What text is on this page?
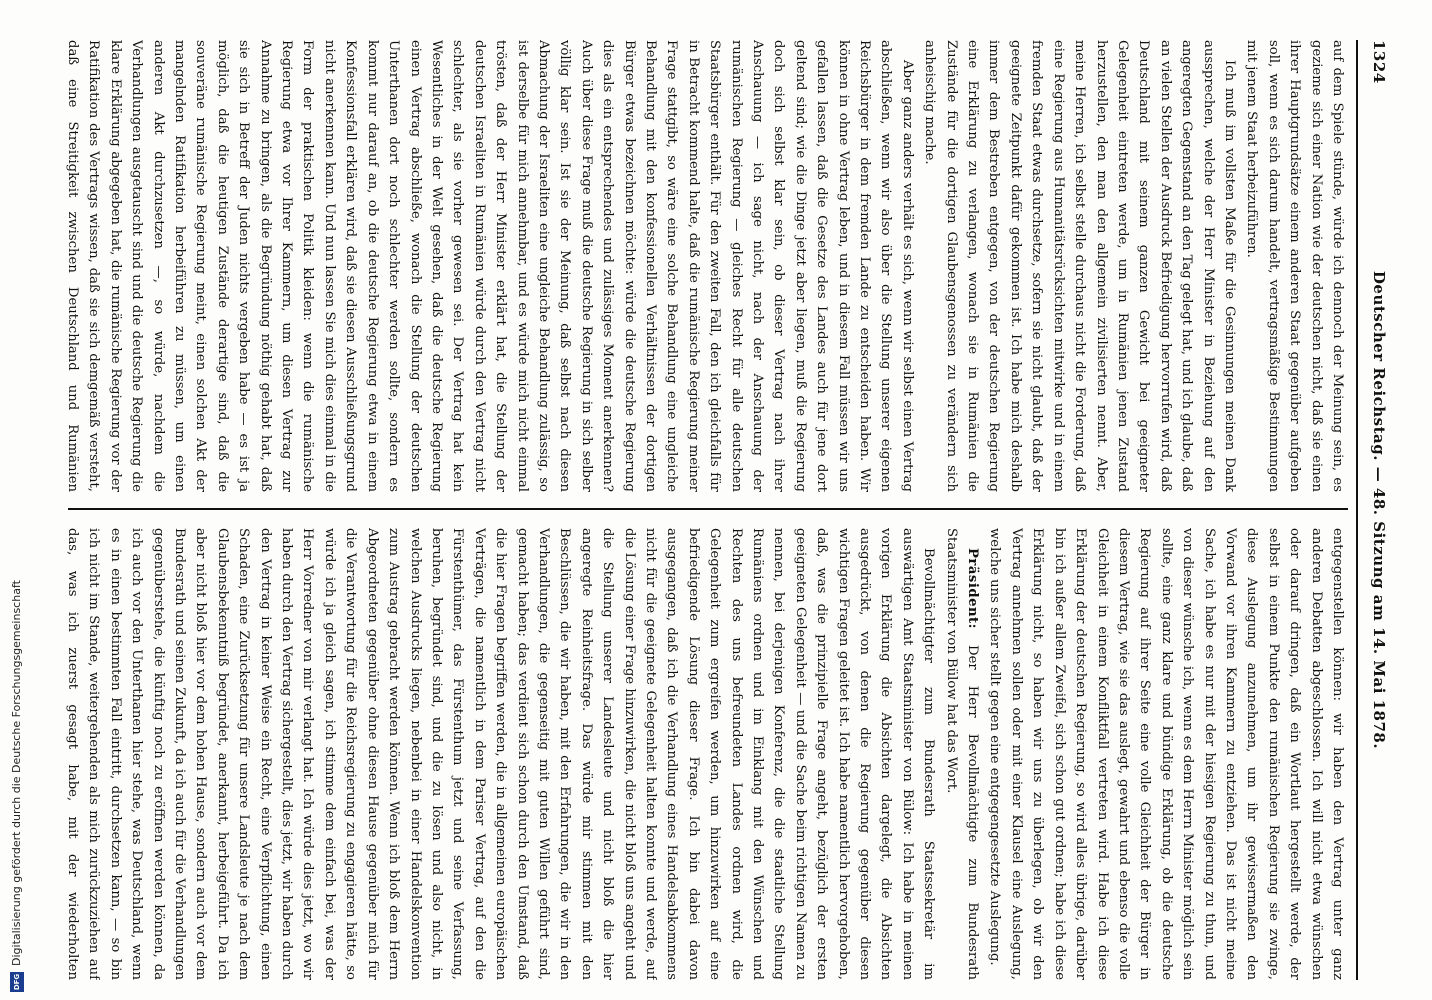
1324
Deutscher Reichstag. — 48. Sitzung am 14. Mai 1878.

auf dem Spiele stünde, würde ich dennoch der Meinung sein, es gezieme sich einer Nation wie der deutschen nicht, daß sie einen ihrer Hauptgrundsätze einem anderen Staat gegenüber aufgeben soll, wenn es sich darum handelt, vertragsmäßige Bestimmungen mit jenem Staat herbeizuführen.

Ich muß im vollsten Maße für die Gesinnungen meinen Dank aussprechen, welche der Herr Minister in Beziehung auf den angeregten Gegenstand an den Tag gelegt hat, und ich glaube, daß an vielen Stellen der Ausdruck Befriedigung hervorrufen wird, daß Deutschland mit seinem ganzen Gewicht bei geeigneter Gelegenheit eintreten werde, um in Rumänien jenen Zustand herzustellen, den man den allgemein zivilisierten nennt. Aber, meine Herren, ich selbst stelle durchaus nicht die Forderung, daß eine Regierung aus Humanitätsrücksichten mitwirke und in einem fremden Staat etwas durchsetze, sofern sie nicht glaubt, daß der geeignete Zeitpunkt dafür gekommen ist. Ich habe mich deshalb immer dem Bestreben entgegen, von der deutschen Regierung eine Erklärung zu verlangen, wonach sie in Rumänien die Zustände für die dortigen Glaubensgenossen zu verändern sich anheischig mache.

Aber ganz anders verhält es sich, wenn wir selbst einen Vertrag abschließen, wenn wir also über die Stellung unserer eigenen Reichsbürger in dem fremden Lande zu entscheiden haben. Wir können in ohne Vertrag leben, und in diesem Fall müssen wir uns gefallen lassen, daß die Gesetze des Landes auch für jene dort geltend sind; wie die Dinge jetzt aber liegen, muß die Regierung doch sich selbst klar sein, ob dieser Vertrag nach ihrer Anschauung — ich sage nicht, nach der Anschauung der rumänischen Regierung — gleiches Recht für alle deutschen Staatsbürger enthält. Für den zweiten Fall, den ich gleichfalls für in Betracht kommend halte, daß die rumänische Regierung meiner Frage stattgibt, so wäre eine solche Behandlung eine ungleiche Behandlung mit den konfessionellen Verhältnissen der dortigen Bürger etwas bezeichnen möchte: würde die deutsche Regierung dies als ein entsprechendes und zulässiges Moment anerkennen? Auch über diese Frage muß die deutsche Regierung in sich selber völlig klar sein. Ist sie der Meinung, daß selbst nach diesen Abmachung der Israeliten eine ungleiche Behandlung zulässig, so ist derselbe für mich annehmbar, und es würde mich nicht einmal trösten, daß der Herr Minister erklärt hat, die Stellung der deutschen Israeliten in Rumänien würde durch den Vertrag nicht schlechter, als sie vorher gewesen sei. Der Vertrag hat kein Wesentliches in der Welt gesehen, daß die deutsche Regierung einen Vertrag abschließe, wonach die Stellung der deutschen Unterthanen dort noch schlechter werden sollte, sondern es kommt nur darauf an, ob die deutsche Regierung etwa in einem Konfessionsfall erklären wird, daß sie diesen Ausschließungsgrund nicht anerkennen kann. Und nun lassen Sie mich dies einmal in die Form der praktischen Politik kleiden: wenn die rumänische Regierung etwa vor Ihrer Kammern, um diesen Vertrag zur Annahme zu bringen, als die Begründung nöthig gehabt hat, daß sie sich in Betreff der Juden nichts vergeben habe — es ist ja möglich, daß die heutigen Zustände derartige sind, daß die souveräne rumänische Regierung meint, einen solchen Akt der mangelnden Ratifikation herbeiführen zu müssen, um einen anderen Akt durchzusetzen —, so würde, nachdem die Verhandlungen ausgetauscht sind und die deutsche Regierung die klare Erklärung abgegeben hat, die rumänische Regierung vor der Ratifikation des Vertrags wissen, daß sie sich demgemäß versteht, daß eine Streitigkeit zwischen Deutschland und Rumänien

entgegenstellen können: wir haben den Vertrag unter ganz anderen Debatten abgeschlossen. Ich will nicht etwa wünschen oder darauf dringen, daß ein Wortlaut hergestellt werde, der selbst in einem Punkte den rumänischen Regierung sie zwinge, diese Auslegung anzunehmen, um ihr gewissermaßen den Vorwand vor ihren Kammern zu entziehen. Das ist nicht meine Sache, ich habe es nur mit der hiesigen Regierung zu thun, und von dieser wünsche ich, wenn es dem Herrn Minister möglich sein sollte, eine ganz klare und bündige Erklärung, ob die deutsche Regierung auf ihrer Seite eine volle Gleichheit der Bürger in diesem Vertrag, wie sie das auslegt, gewahrt und ebenso die volle Gleichheit in einem Konfliktfall vertreten wird. Habe ich diese Erklärung der deutschen Regierung, so wird alles übrige, darüber bin ich außer allem Zweifel, sich schon gut ordnen; habe ich diese Erklärung nicht, so haben wir uns zu überlegen, ob wir den Vertrag annehmen sollen oder mit einer Klausel eine Auslegung, welche uns sicher stellt gegen eine entgegengesetzte Auslegung.

Präsident: Der Herr Bevollmächtigte zum Bundesrath Staatsminister von Bülow hat das Wort.

Bevollmächtigter zum Bundesrath Staatssekretär im auswärtigen Amt Staatsminister von Bülow: Ich habe in meinen vorigen Erklärung die Absichten dargelegt, die Absichten ausgedrückt, von denen die Regierung gegenüber diesen wichtigen Fragen geleitet ist. Ich habe namentlich hervorgehoben, daß, was die prinzipielle Frage angeht, bezüglich der ersten geeigneten Gelegenheit — und die Sache beim richtigen Namen zu nennen, bei derjenigen Konferenz, die die staatliche Stellung Rumäniens ordnen und im Einklang mit den Wünschen und Rechten des uns befreundeten Landes ordnen wird, die Gelegenheit zum ergreifen werden, um hinzuwirken auf eine befriedigende Lösung dieser Frage. Ich bin dabei davon ausgegangen, daß ich die Verhandlung eines Handelsabkommens nicht für die geeignete Gelegenheit halten konnte und werde, auf die Lösung einer Frage hinzuwirken, die nicht bloß uns angeht und die Stellung unserer Landesleute und nicht bloß die hier angeregte Reinheitsfrage. Das würde mir stimmen mit den Beschlüssen, die wir haben, mit den Erfahrungen, die wir in den Verhandlungen, die gegenseitig mit guten Willen geführt sind, gemacht haben; das verdient sich schon durch den Umstand, daß die hier Fragen begriffen werden, die in allgemeinen europäischen Verträgen, die namentlich in dem Pariser Vertrag, auf den die Fürstenthümer, das Fürstenthum jetzt und seine Verfassung, beruhen, begründet sind, und die zu lösen und also nicht, in welchen Ausdrucks liegen, nebenbei in einer Handelskonvention zum Austrag gebracht werden können. Wenn ich bloß dem Herrn Abgeordneten gegenüber ohne diesen Hause gegenüber mich für die Verantwortung für die Reichsregierung zu engagieren hätte, so würde ich ja gleich sagen, ich stimme dem einfach bei, was der Herr Vorredner von mir verlangt hat. Ich würde dies jetzt, wo wir haben durch den Vertrag sichergestellt, dies jetzt, wir haben durch den Vertrag in keiner Weise ein Recht, eine Verpflichtung, einen Schaden, eine Zurücksetzung für unsere Landsleute je nach dem Glaubensbekenntniß begründet, anerkannt, herbeigeführt. Da ich aber nicht bloß hier vor dem hohen Hause, sondern auch vor dem Bundesrath und seinen Zukunft, da ich auch für die Verhandlungen gegenüberstehe, die künftig noch zu eröffnen werden können, da ich auch vor den Unterthanen hier stehe, was Deutschland, wenn es in einen bestimmten Fall eintritt, durchsetzen kann, — so bin ich nicht im Stande, weitergehenden als mich zurückzuziehen auf das, was ich zuerst gesagt habe, mit der wiederholten

DFGDigitalisierung gefördert durch die Deutsche Forschungsgemeinschaft
